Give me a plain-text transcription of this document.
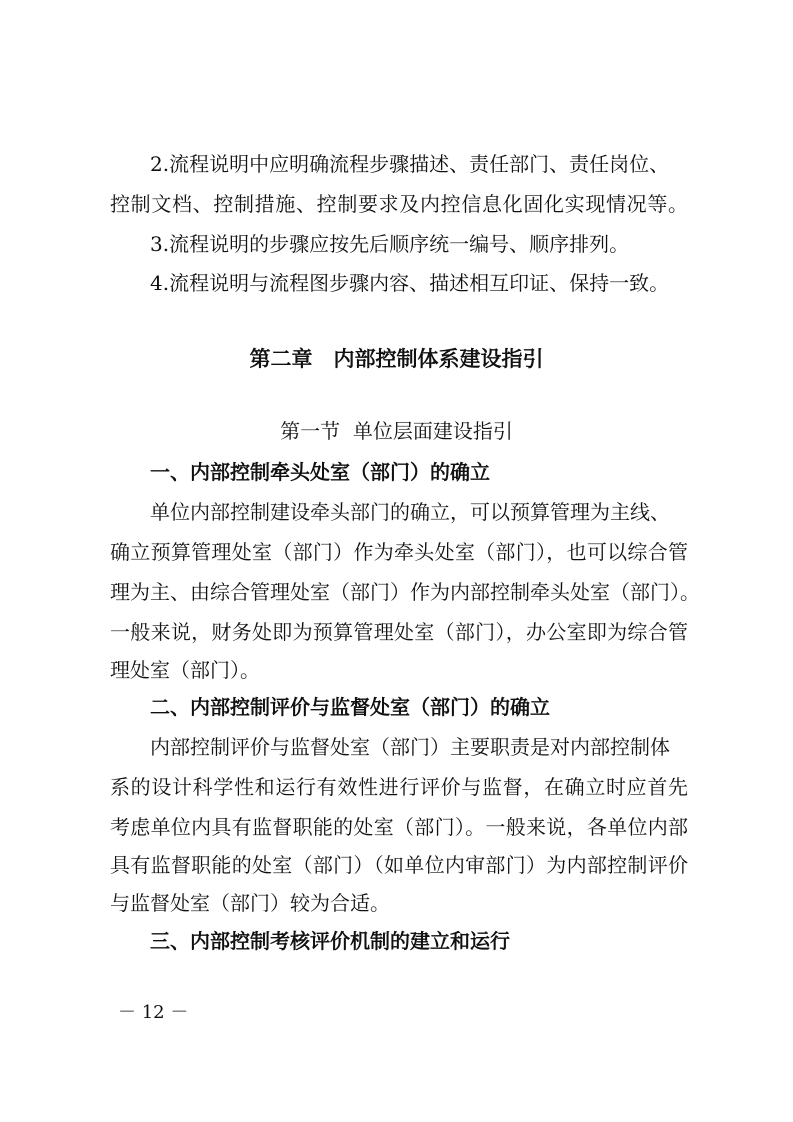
2.流程说明中应明确流程步骤描述、责任部门、责任岗位、
控制文档、控制措施、控制要求及内控信息化固化实现情况等。
3.流程说明的步骤应按先后顺序统一编号、顺序排列。
4.流程说明与流程图步骤内容、描述相互印证、保持一致。
第二章　内部控制体系建设指引
第一节  单位层面建设指引
一、内部控制牵头处室（部门）的确立
单位内部控制建设牵头部门的确立，可以预算管理为主线、
确立预算管理处室（部门）作为牵头处室（部门），也可以综合管
理为主、由综合管理处室（部门）作为内部控制牵头处室（部门）。
一般来说，财务处即为预算管理处室（部门），办公室即为综合管
理处室（部门）。
二、内部控制评价与监督处室（部门）的确立
内部控制评价与监督处室（部门）主要职责是对内部控制体
系的设计科学性和运行有效性进行评价与监督，在确立时应首先
考虑单位内具有监督职能的处室（部门）。一般来说，各单位内部
具有监督职能的处室（部门）（如单位内审部门）为内部控制评价
与监督处室（部门）较为合适。
三、内部控制考核评价机制的建立和运行
－ 12 －
